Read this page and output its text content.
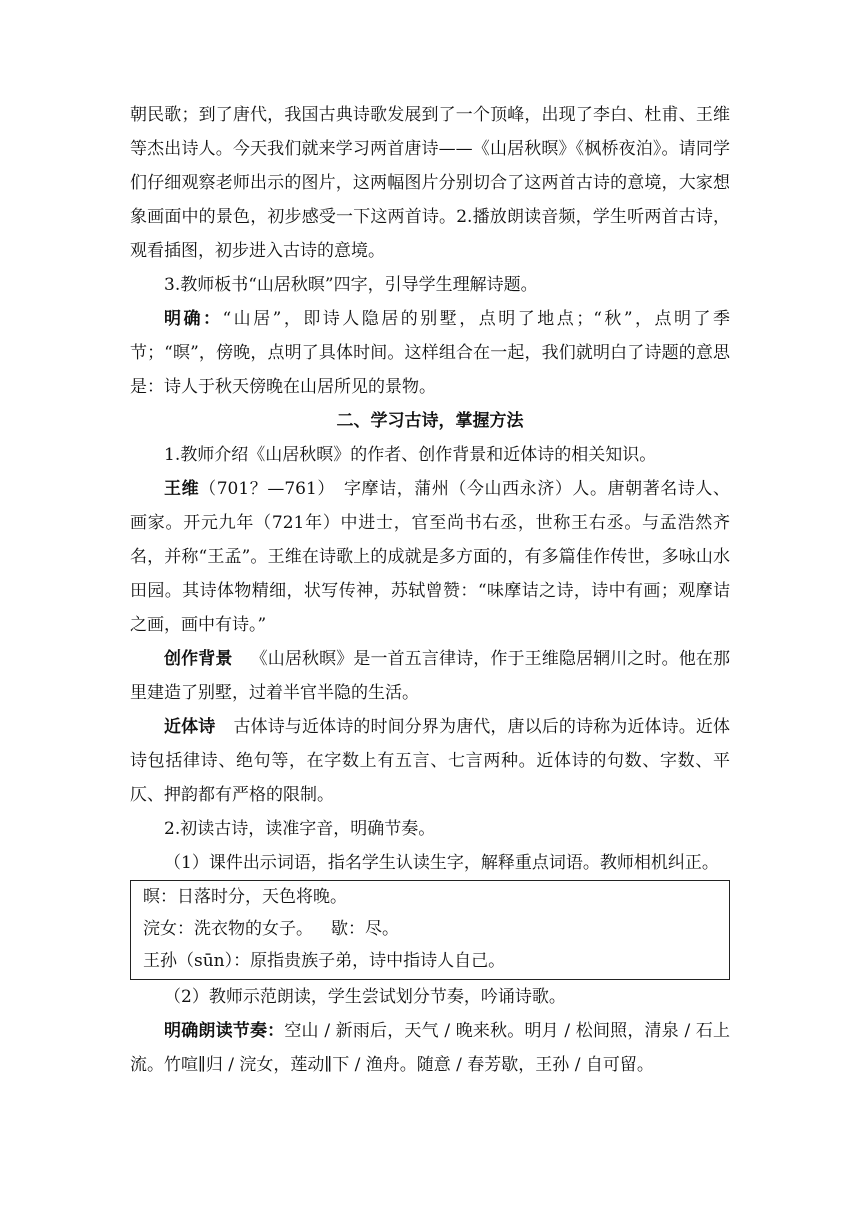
朝民歌；到了唐代，我国古典诗歌发展到了一个顶峰，出现了李白、杜甫、王维等杰出诗人。今天我们就来学习两首唐诗——《山居秋暝》《枫桥夜泊》。请同学们仔细观察老师出示的图片，这两幅图片分别切合了这两首古诗的意境，大家想象画面中的景色，初步感受一下这两首诗。2.播放朗读音频，学生听两首古诗，观看插图，初步进入古诗的意境。

3.教师板书“山居秋暝”四字，引导学生理解诗题。

明确：“山居”，即诗人隐居的别墅，点明了地点；“秋”，点明了季节；“暝”，傍晚，点明了具体时间。这样组合在一起，我们就明白了诗题的意思是：诗人于秋天傍晚在山居所见的景物。

二、学习古诗，掌握方法

1.教师介绍《山居秋暝》的作者、创作背景和近体诗的相关知识。

王维（701？—761）　字摩诘，蒲州（今山西永济）人。唐朝著名诗人、画家。开元九年（721年）中进士，官至尚书右丞，世称王右丞。与孟浩然齐名，并称“王孟”。王维在诗歌上的成就是多方面的，有多篇佳作传世，多咏山水田园。其诗体物精细，状写传神，苏轼曾赞：“味摩诘之诗，诗中有画；观摩诘之画，画中有诗。”

创作背景 《山居秋暝》是一首五言律诗，作于王维隐居辋川之时。他在那里建造了别墅，过着半官半隐的生活。

近体诗 古体诗与近体诗的时间分界为唐代，唐以后的诗称为近体诗。近体诗包括律诗、绝句等，在字数上有五言、七言两种。近体诗的句数、字数、平仄、押韵都有严格的限制。

2.初读古诗，读准字音，明确节奏。

（1）课件出示词语，指名学生认读生字，解释重点词语。教师相机纠正。

暝：日落时分，天色将晚。

浣女：洗衣物的女子。 歇：尽。

王孙（sūn）：原指贵族子弟，诗中指诗人自己。

（2）教师示范朗读，学生尝试划分节奏，吟诵诗歌。

明确朗读节奏：空山 / 新雨后，天气 / 晚来秋。明月 / 松间照，清泉 / 石上流。竹喧∥归 / 浣女，莲动∥下 / 渔舟。随意 / 春芳歇，王孙 / 自可留。
